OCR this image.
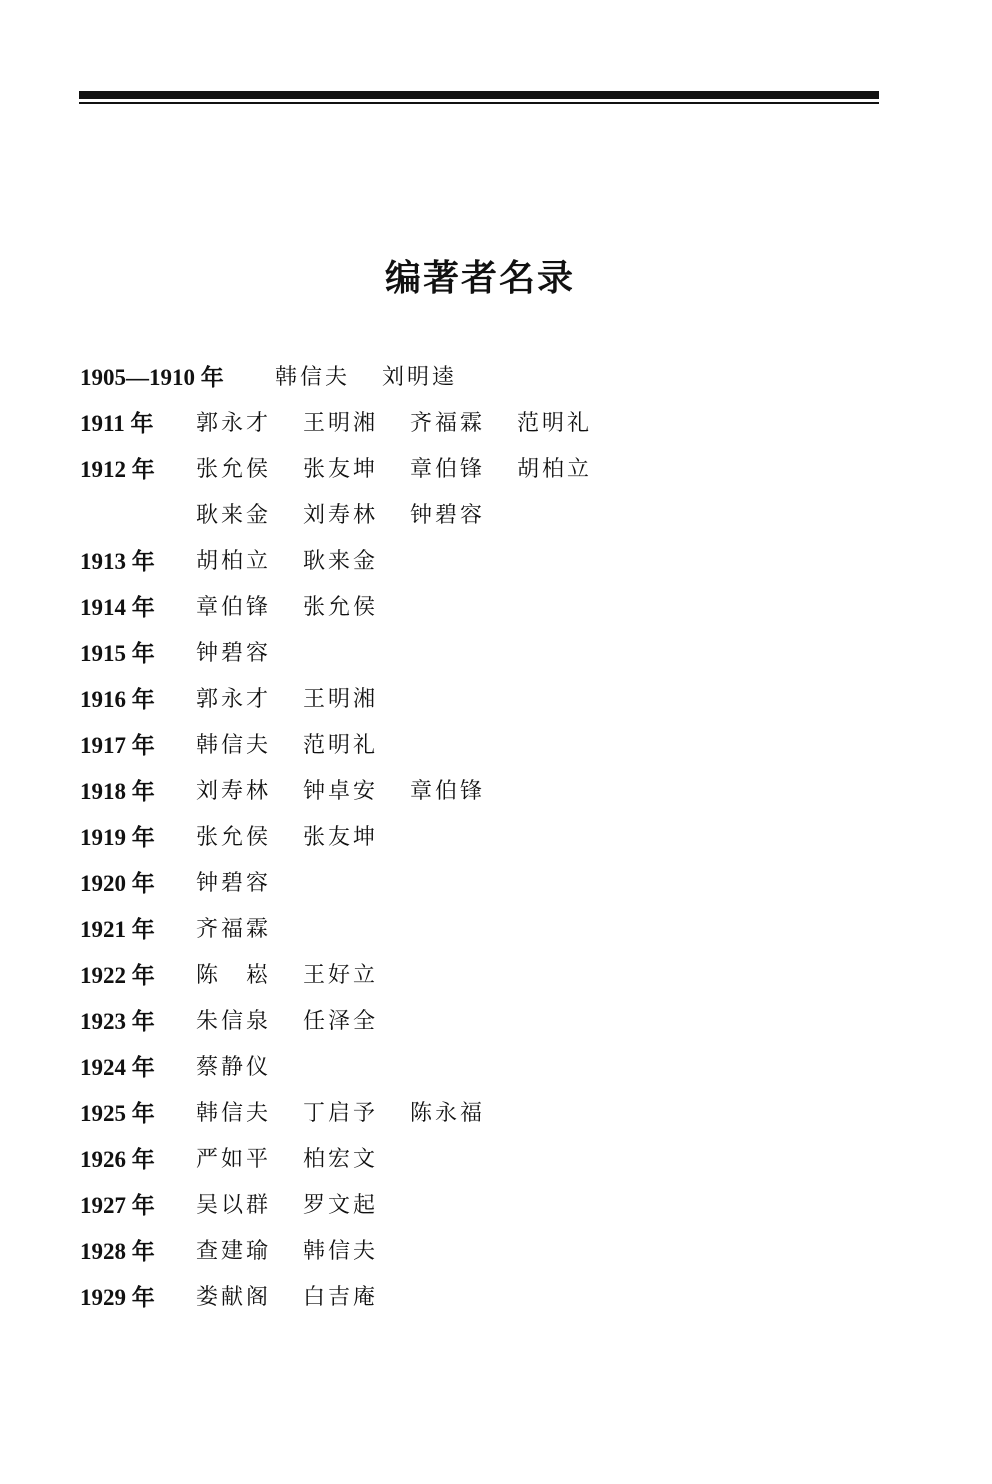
编著者名录
1905—1910 年 韩信夫 刘明逵
1911 年 郭永才 王明湘 齐福霖 范明礼
1912 年 张允侯 张友坤 章伯锋 胡柏立
耿来金 刘寿林 钟碧容
1913 年 胡柏立 耿来金
1914 年 章伯锋 张允侯
1915 年 钟碧容
1916 年 郭永才 王明湘
1917 年 韩信夫 范明礼
1918 年 刘寿林 钟卓安 章伯锋
1919 年 张允侯 张友坤
1920 年 钟碧容
1921 年 齐福霖
1922 年 陈　崧 王好立
1923 年 朱信泉 任泽全
1924 年 蔡静仪
1925 年 韩信夫 丁启予 陈永福
1926 年 严如平 柏宏文
1927 年 吴以群 罗文起
1928 年 查建瑜 韩信夫
1929 年 娄献阁 白吉庵
